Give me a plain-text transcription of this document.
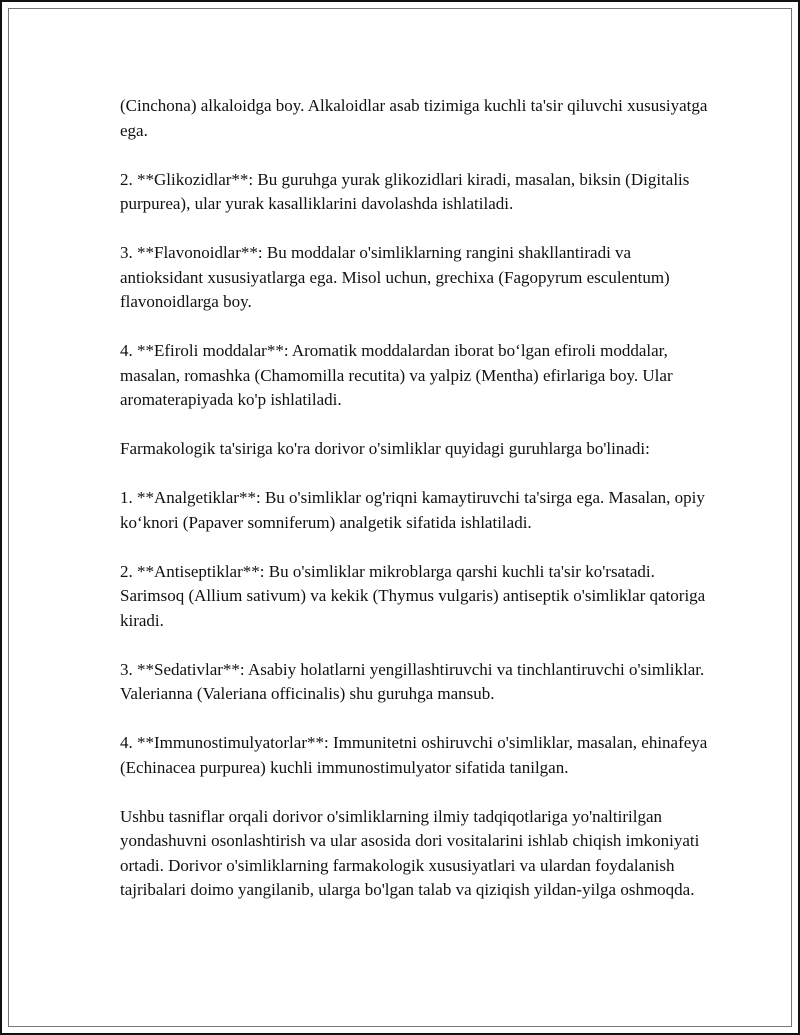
(Cinchona) alkaloidga boy. Alkaloidlar asab tizimiga kuchli ta'sir qiluvchi xususiyatga ega.

2. **Glikozidlar**: Bu guruhga yurak glikozidlari kiradi, masalan, biksin (Digitalis purpurea), ular yurak kasalliklarini davolashda ishlatiladi.

3. **Flavonoidlar**: Bu moddalar o'simliklarning rangini shakllantiradi va antioksidant xususiyatlarga ega. Misol uchun, grechixa (Fagopyrum esculentum) flavonoidlarga boy.

4. **Efiroli moddalar**: Aromatik moddalardan iborat bo‘lgan efiroli moddalar, masalan, romashka (Chamomilla recutita) va yalpiz (Mentha) efirlariga boy. Ular aromaterapiyada ko'p ishlatiladi.

Farmakologik ta'siriga ko'ra dorivor o'simliklar quyidagi guruhlarga bo'linadi:

1. **Analgetiklar**: Bu o'simliklar og'riqni kamaytiruvchi ta'sirga ega. Masalan, opiy ko‘knori (Papaver somniferum) analgetik sifatida ishlatiladi.

2. **Antiseptiklar**: Bu o'simliklar mikroblarga qarshi kuchli ta'sir ko'rsatadi. Sarimsoq (Allium sativum) va kekik (Thymus vulgaris) antiseptik o'simliklar qatoriga kiradi.

3. **Sedativlar**: Asabiy holatlarni yengillashtiruvchi va tinchlantiruvchi o'simliklar. Valerianna (Valeriana officinalis) shu guruhga mansub.

4. **Immunostimulyatorlar**: Immunitetni oshiruvchi o'simliklar, masalan, ehinafeya (Echinacea purpurea) kuchli immunostimulyator sifatida tanilgan.

Ushbu tasniflar orqali dorivor o'simliklarning ilmiy tadqiqotlariga yo'naltirilgan yondashuvni osonlashtirish va ular asosida dori vositalarini ishlab chiqish imkoniyati ortadi. Dorivor o'simliklarning farmakologik xususiyatlari va ulardan foydalanish tajribalari doimo yangilanib, ularga bo'lgan talab va qiziqish yildan-yilga oshmoqda.
